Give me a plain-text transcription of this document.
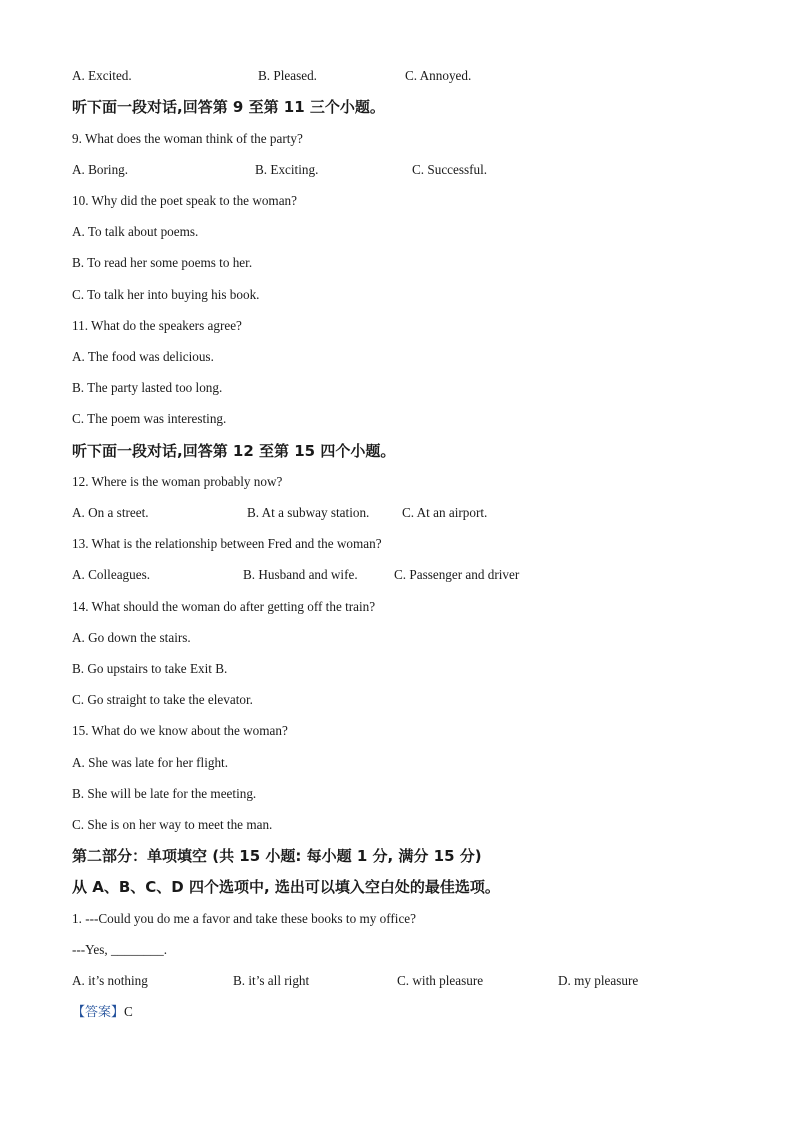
A. Excited.	B. Pleased.	C. Annoyed.
听下面一段对话,回答第 9 至第 11 三个小题。
9. What does the woman think of the party?
A. Boring.	B. Exciting.	C. Successful.
10. Why did the poet speak to the woman?
A. To talk about poems.
B. To read her some poems to her.
C. To talk her into buying his book.
11. What do the speakers agree?
A. The food was delicious.
B. The party lasted too long.
C. The poem was interesting.
听下面一段对话,回答第 12 至第 15 四个小题。
12. Where is the woman probably now?
A. On a street.	B. At a subway station. C. At an airport.
13. What is the relationship between Fred and the woman?
A. Colleagues.	B. Husband and wife.	C. Passenger and driver
14. What should the woman do after getting off the train?
A. Go down the stairs.
B. Go upstairs to take Exit B.
C. Go straight to take the elevator.
15. What do we know about the woman?
A. She was late for her flight.
B. She will be late for the meeting.
C. She is on her way to meet the man.
第二部分：单项填空 (共 15 小题: 每小题 1 分, 满分 15 分)
从 A、B、C、D 四个选项中, 选出可以填入空白处的最佳选项。
1. ---Could you do me a favor and take these books to my office?
---Yes, ________.
A. it’s nothing	B. it’s all right	C. with pleasure	D. my pleasure
【答案】C
